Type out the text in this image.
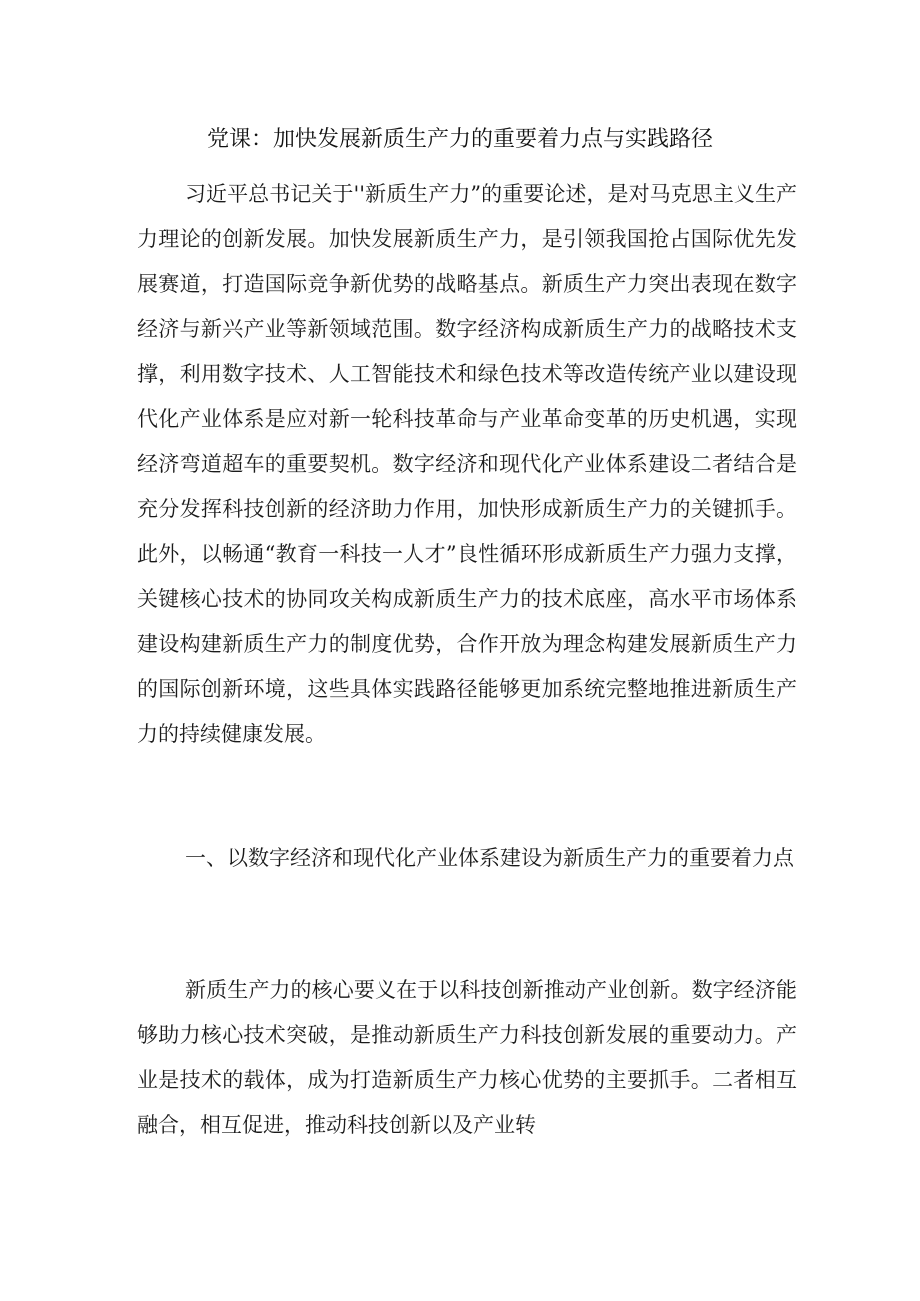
党课：加快发展新质生产力的重要着力点与实践路径

习近平总书记关于''新质生产力”的重要论述，是对马克思主义生产力理论的创新发展。加快发展新质生产力，是引领我国抢占国际优先发展赛道，打造国际竞争新优势的战略基点。新质生产力突出表现在数字经济与新兴产业等新领域范围。数字经济构成新质生产力的战略技术支撑，利用数字技术、人工智能技术和绿色技术等改造传统产业以建设现代化产业体系是应对新一轮科技革命与产业革命变革的历史机遇，实现经济弯道超车的重要契机。数字经济和现代化产业体系建设二者结合是充分发挥科技创新的经济助力作用，加快形成新质生产力的关键抓手。此外，以畅通“教育一科技一人才”良性循环形成新质生产力强力支撑，关键核心技术的协同攻关构成新质生产力的技术底座，高水平市场体系建设构建新质生产力的制度优势，合作开放为理念构建发展新质生产力的国际创新环境，这些具体实践路径能够更加系统完整地推进新质生产力的持续健康发展。

一、以数字经济和现代化产业体系建设为新质生产力的重要着力点

新质生产力的核心要义在于以科技创新推动产业创新。数字经济能够助力核心技术突破，是推动新质生产力科技创新发展的重要动力。产业是技术的载体，成为打造新质生产力核心优势的主要抓手。二者相互融合，相互促进，推动科技创新以及产业转
